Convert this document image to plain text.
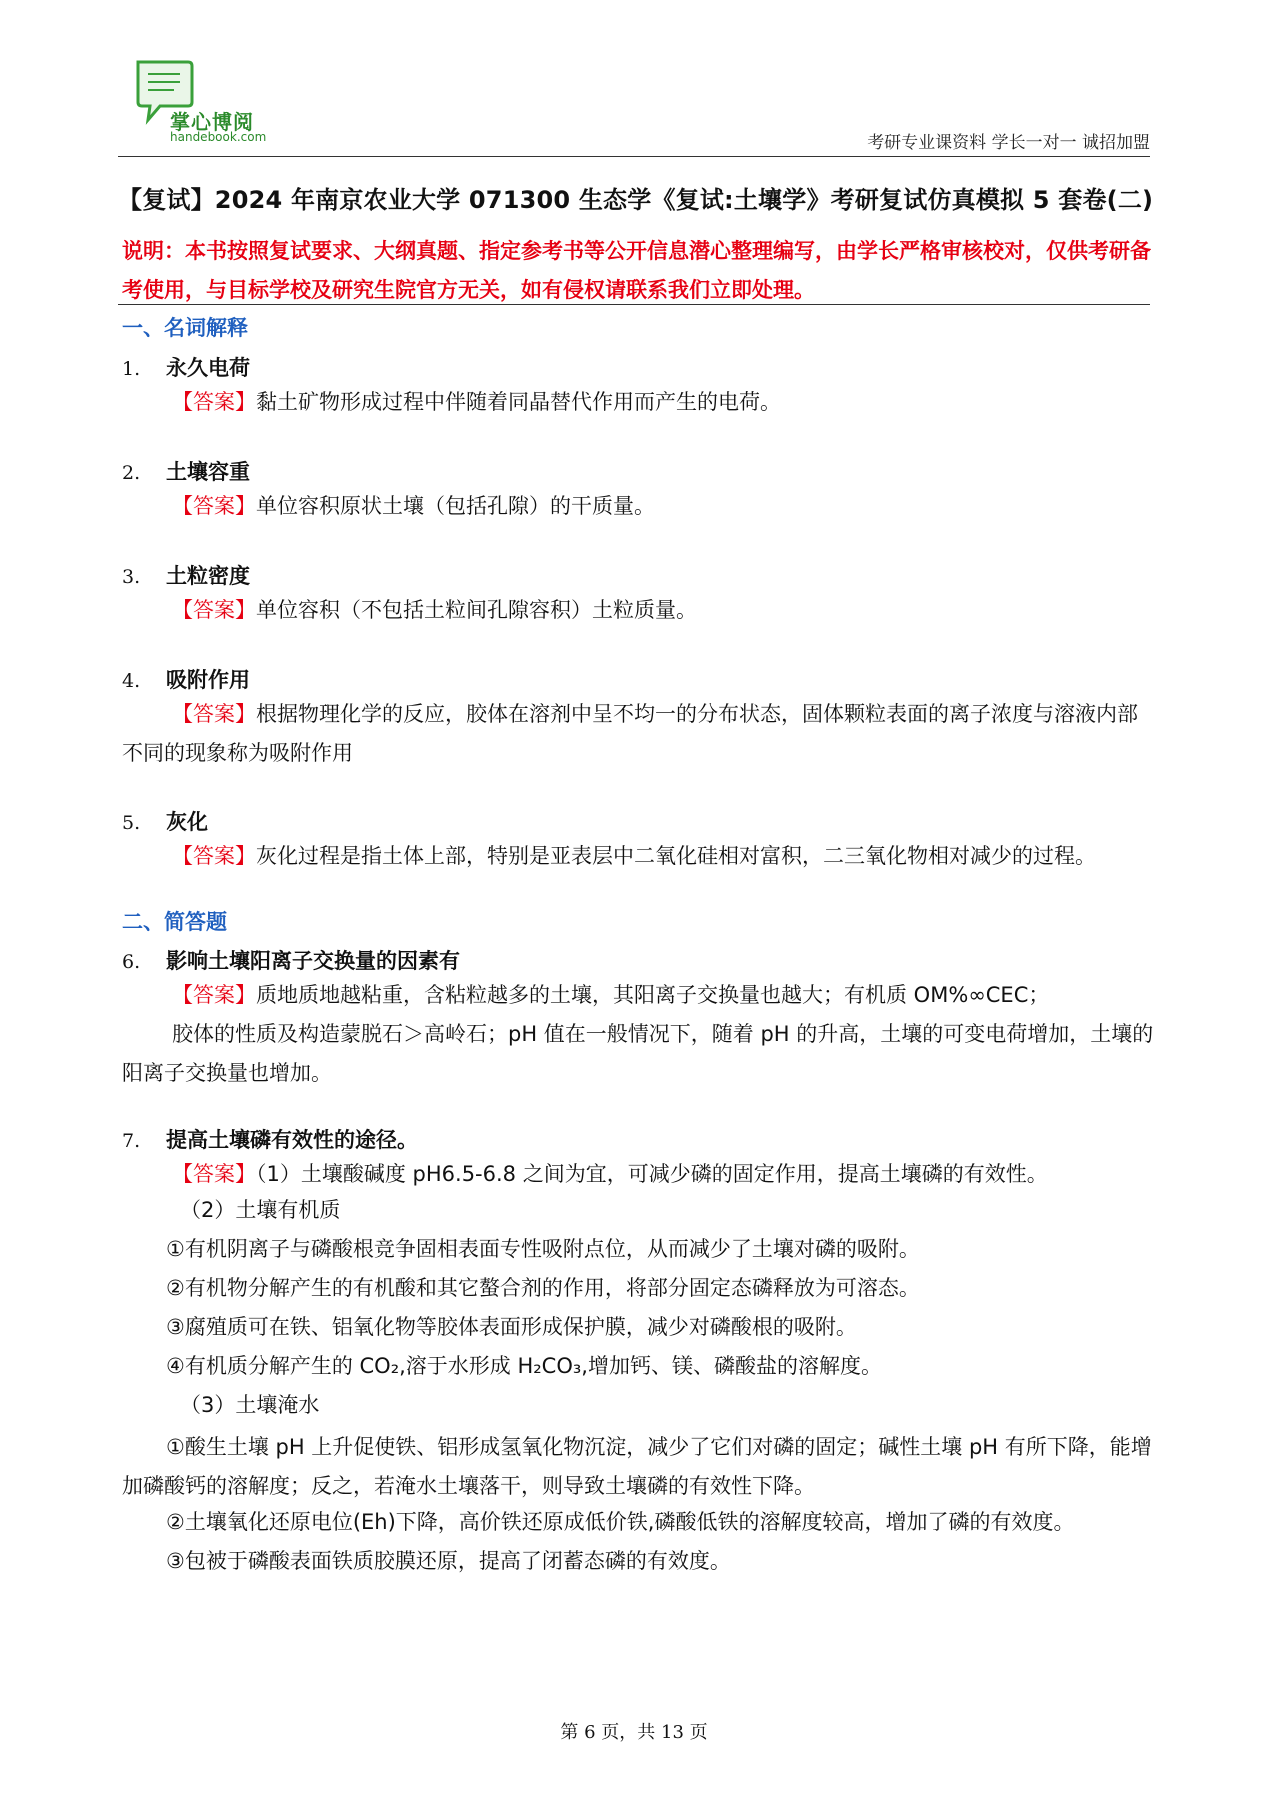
掌心博阅
handebook.com	考研专业课资料 学长一对一 诚招加盟
【复试】2024 年南京农业大学 071300 生态学《复试:土壤学》考研复试仿真模拟 5 套卷(二)
说明：本书按照复试要求、大纲真题、指定参考书等公开信息潜心整理编写，由学长严格审核校对，仅供考研备考使用，与目标学校及研究生院官方无关，如有侵权请联系我们立即处理。
一、名词解释
1. 永久电荷
【答案】黏土矿物形成过程中伴随着同晶替代作用而产生的电荷。
2. 土壤容重
【答案】单位容积原状土壤（包括孔隙）的干质量。
3. 土粒密度
【答案】单位容积（不包括土粒间孔隙容积）土粒质量。
4. 吸附作用
【答案】根据物理化学的反应，胶体在溶剂中呈不均一的分布状态，固体颗粒表面的离子浓度与溶液内部不同的现象称为吸附作用
5. 灰化
【答案】灰化过程是指土体上部，特别是亚表层中二氧化硅相对富积，二三氧化物相对减少的过程。
二、简答题
6. 影响土壤阳离子交换量的因素有
【答案】质地质地越粘重，含粘粒越多的土壤，其阳离子交换量也越大；有机质 OM%∞CEC；
胶体的性质及构造蒙脱石＞高岭石；pH 值在一般情况下，随着 pH 的升高，土壤的可变电荷增加，土壤的阳离子交换量也增加。
7. 提高土壤磷有效性的途径。
【答案】（1）土壤酸碱度 pH6.5-6.8 之间为宜，可减少磷的固定作用，提高土壤磷的有效性。
（2）土壤有机质
①有机阴离子与磷酸根竞争固相表面专性吸附点位，从而减少了土壤对磷的吸附。
②有机物分解产生的有机酸和其它螯合剂的作用，将部分固定态磷释放为可溶态。
③腐殖质可在铁、铝氧化物等胶体表面形成保护膜，减少对磷酸根的吸附。
④有机质分解产生的 CO₂,溶于水形成 H₂CO₃,增加钙、镁、磷酸盐的溶解度。
（3）土壤淹水
①酸生土壤 pH 上升促使铁、铝形成氢氧化物沉淀，减少了它们对磷的固定；碱性土壤 pH 有所下降，能增加磷酸钙的溶解度；反之，若淹水土壤落干，则导致土壤磷的有效性下降。
②土壤氧化还原电位(Eh)下降，高价铁还原成低价铁,磷酸低铁的溶解度较高，增加了磷的有效度。
③包被于磷酸表面铁质胶膜还原，提高了闭蓄态磷的有效度。
第 6 页，共 13 页
